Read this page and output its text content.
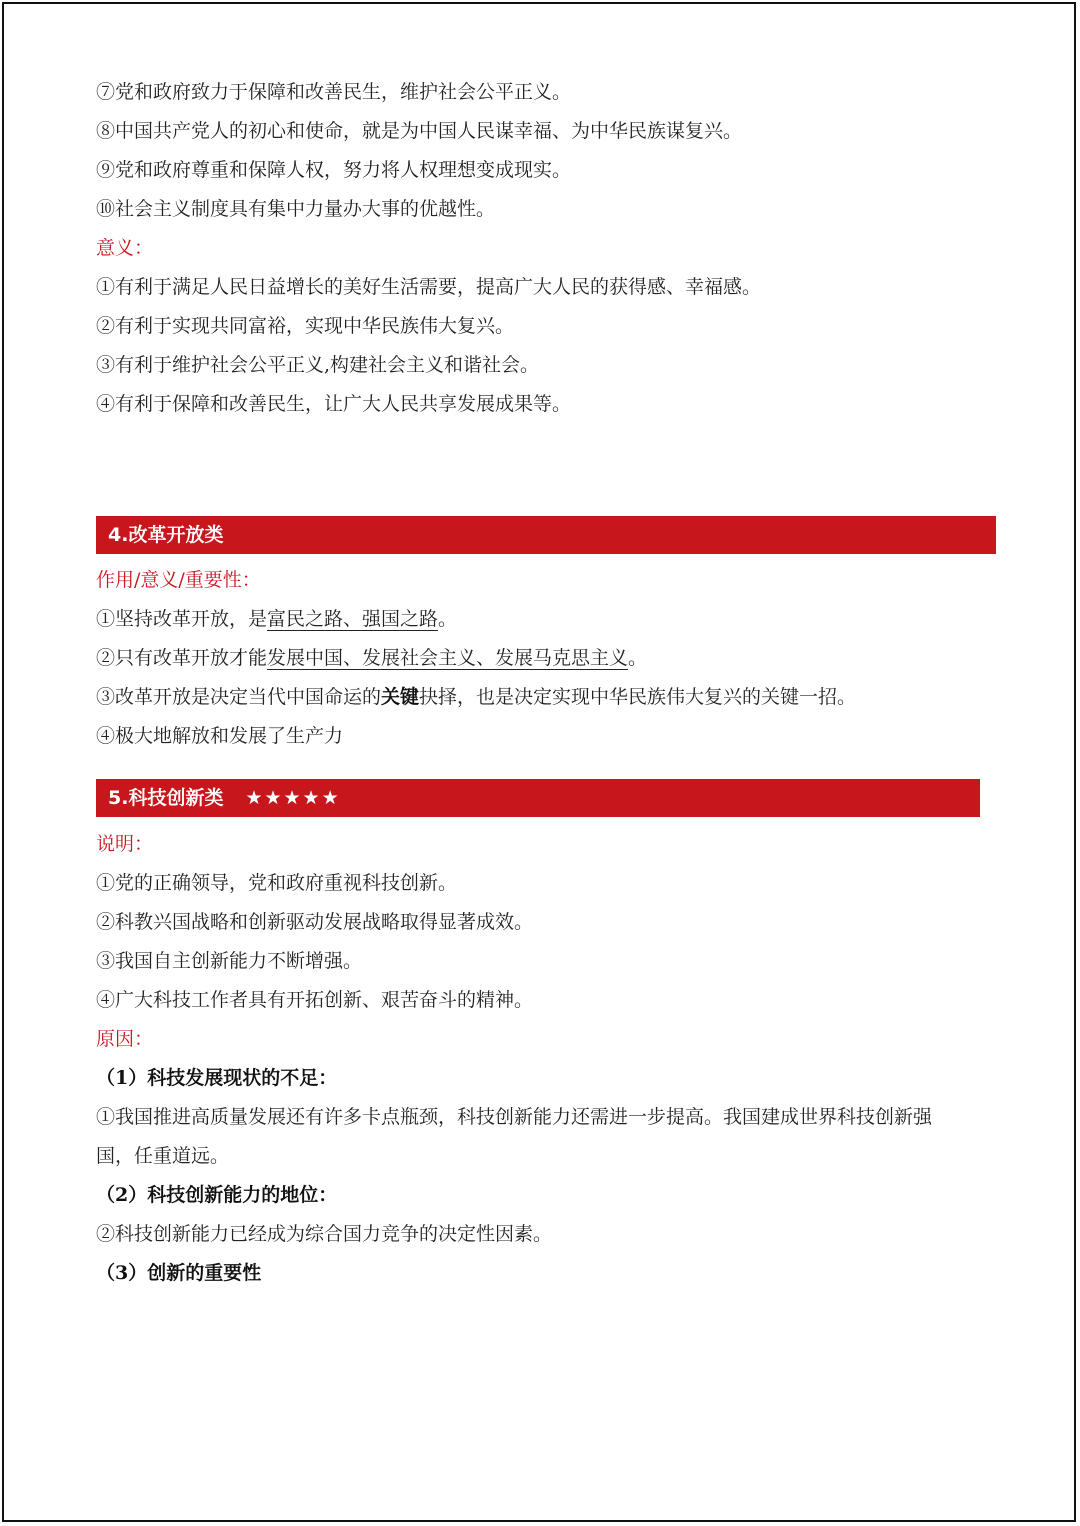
⑦党和政府致力于保障和改善民生，维护社会公平正义。
⑧中国共产党人的初心和使命，就是为中国人民谋幸福、为中华民族谋复兴。
⑨党和政府尊重和保障人权，努力将人权理想变成现实。
⑩社会主义制度具有集中力量办大事的优越性。
意义：
①有利于满足人民日益增长的美好生活需要，提高广大人民的获得感、幸福感。
②有利于实现共同富裕，实现中华民族伟大复兴。
③有利于维护社会公平正义,构建社会主义和谐社会。
④有利于保障和改善民生，让广大人民共享发展成果等。
4.改革开放类
作用/意义/重要性：
①坚持改革开放，是富民之路、强国之路。
②只有改革开放才能发展中国、发展社会主义、发展马克思主义。
③改革开放是决定当代中国命运的关键抉择，也是决定实现中华民族伟大复兴的关键一招。
④极大地解放和发展了生产力
5.科技创新类 ★★★★★
说明：
①党的正确领导，党和政府重视科技创新。
②科教兴国战略和创新驱动发展战略取得显著成效。
③我国自主创新能力不断增强。
④广大科技工作者具有开拓创新、艰苦奋斗的精神。
原因：
（1）科技发展现状的不足：
①我国推进高质量发展还有许多卡点瓶颈，科技创新能力还需进一步提高。我国建成世界科技创新强
国，任重道远。
（2）科技创新能力的地位：
②科技创新能力已经成为综合国力竞争的决定性因素。
（3）创新的重要性
